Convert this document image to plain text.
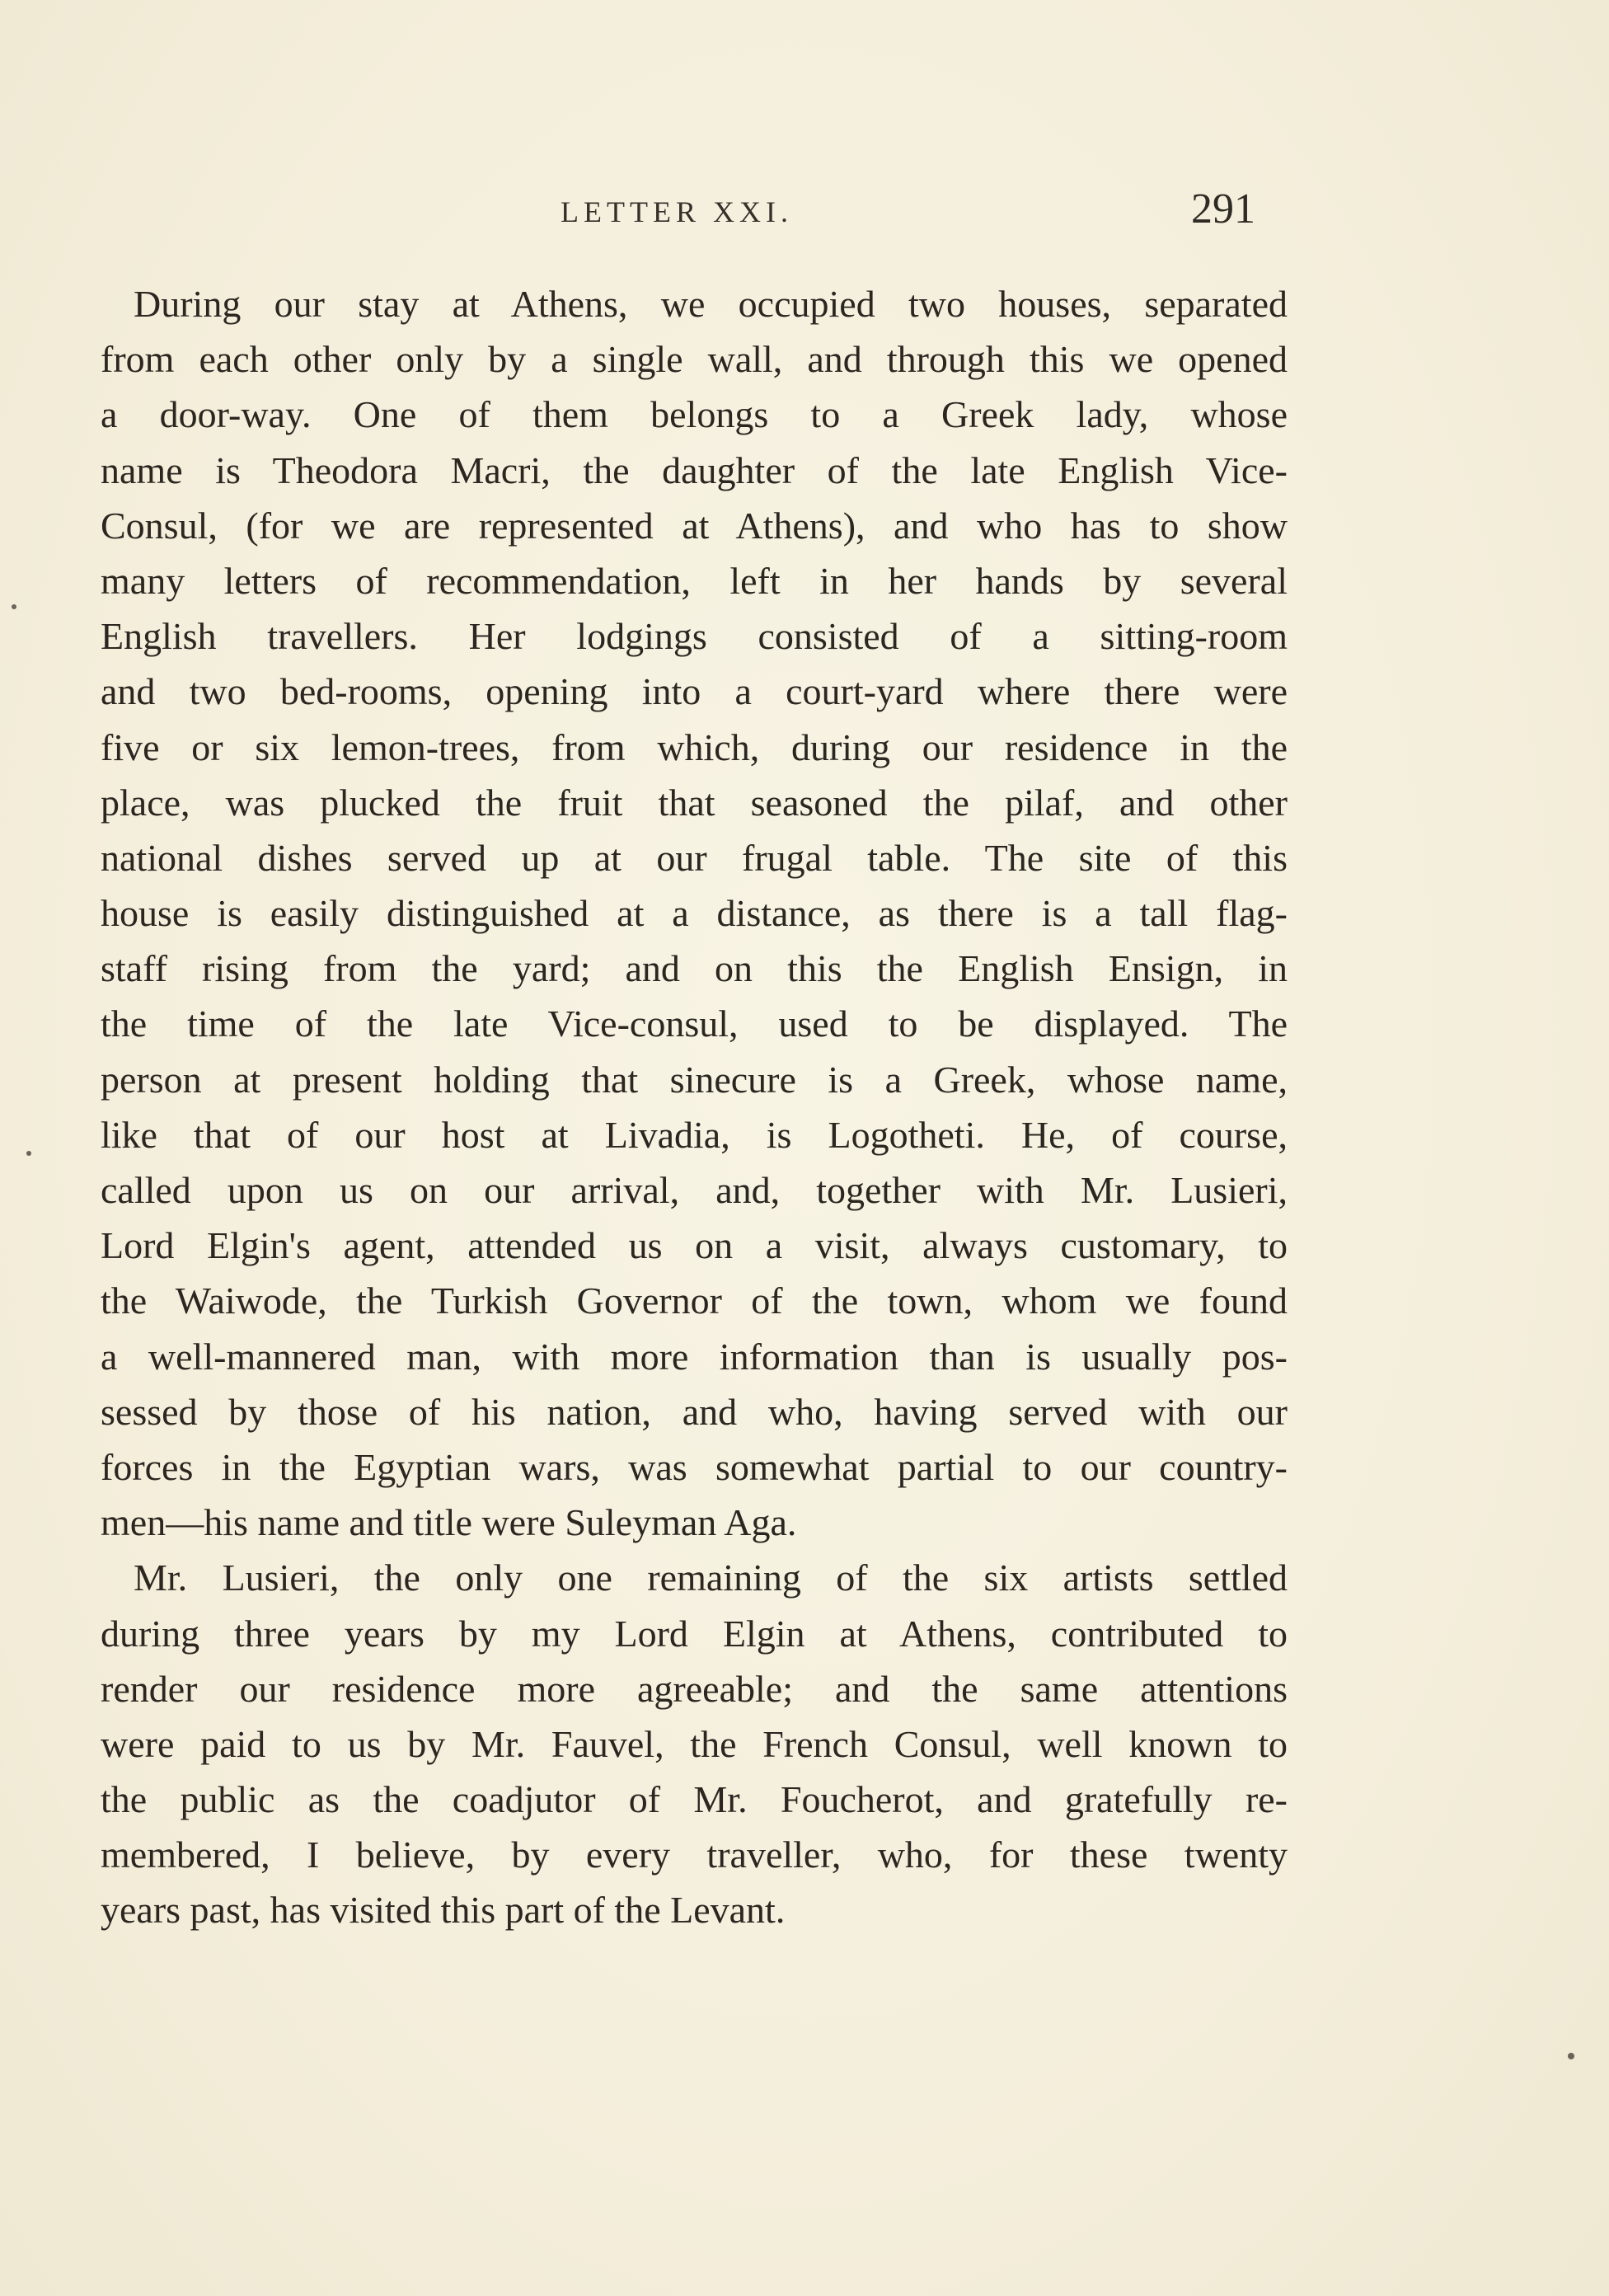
LETTER XXI.	291
During our stay at Athens, we occupied two houses, separated
from each other only by a single wall, and through this we opened
a door-way. One of them belongs to a Greek lady, whose
name is Theodora Macri, the daughter of the late English Vice-
Consul, (for we are represented at Athens), and who has to show
many letters of recommendation, left in her hands by several
English travellers. Her lodgings consisted of a sitting-room
and two bed-rooms, opening into a court-yard where there were
five or six lemon-trees, from which, during our residence in the
place, was plucked the fruit that seasoned the pilaf, and other
national dishes served up at our frugal table. The site of this
house is easily distinguished at a distance, as there is a tall flag-
staff rising from the yard; and on this the English Ensign, in
the time of the late Vice-consul, used to be displayed. The
person at present holding that sinecure is a Greek, whose name,
like that of our host at Livadia, is Logotheti. He, of course,
called upon us on our arrival, and, together with Mr. Lusieri,
Lord Elgin's agent, attended us on a visit, always customary, to
the Waiwode, the Turkish Governor of the town, whom we found
a well-mannered man, with more information than is usually pos-
sessed by those of his nation, and who, having served with our
forces in the Egyptian wars, was somewhat partial to our country-
men—his name and title were Suleyman Aga.
Mr. Lusieri, the only one remaining of the six artists settled
during three years by my Lord Elgin at Athens, contributed to
render our residence more agreeable; and the same attentions
were paid to us by Mr. Fauvel, the French Consul, well known to
the public as the coadjutor of Mr. Foucherot, and gratefully re-
membered, I believe, by every traveller, who, for these twenty
years past, has visited this part of the Levant.
